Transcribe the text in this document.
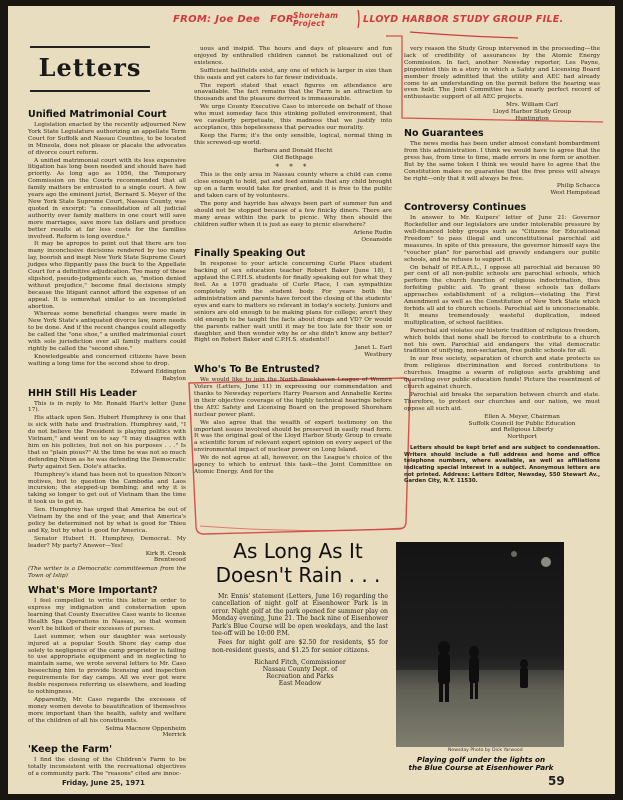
FROM: Joe Dee FOR:
Shoreham Project	LLOYD HARBOR STUDY GROUP FILE.
Letters
Unified Matrimonial Court

Legislation enacted by the recently adjourned New York State Legislature authorizing an appellate Term Court for Suffolk and Nassau Counties, to be located in Mineola, does not please or placate the advocates of divorce court reform.

A unified matrimonial court with its less expensive litigation has long been needed and should have had priority. As long ago as 1956, the Temporary Commission on the Courts recommended that all family matters be entrusted to a single court. A few years ago the eminent jurist, Bernard S. Meyer of the New York State Supreme Court, Nassau County, was quoted in excerpt: "a consolidation of all judicial authority over family matters in one court will save more marriages, save more tax dollars and produce better results at far less costs for the families involved. Reform is long overdue."

It may be apropos to point out that there are too many inconclusive decisions rendered by too many lay, boorish and inept New York State Supreme Court judges who flippantly pass the buck to the Appellate Court for a definitive adjudication. Too many of these slipshod, pseudo-judgments such as, "motion denied without prejudice," become final decisions simply because the litigant cannot afford the expense of an appeal. It is somewhat similar to an incompleted abortion.

Whereas some beneficial changes were made in New York State's antiquated divorce law, more needs to be done. And if the recent changes could allegedly be called the "one shoe," a unified matrimonial court with sole jurisdiction over all family matters could rightly be called the "second shoe."

Knowledgeable and concerned citizens have been waiting a long time for the second shoe to drop.

Edward Eddington
Babylon
HHH Still His Leader

This is in reply to Mr. Ronald Hart's letter (June 17).

His attack upon Sen. Hubert Humphrey is one that is sick with hate and frustration. Humphrey said, "I do not believe the President is playing politics with Vietnam," and went on to say "I may disagree with him on his policies, but not on his purposes . . ." Is that so "plain pious?" At the time he was not so much defending Nixon as he was defending the Democratic Party against Sen. Dole's attacks.

Humphrey's stand has been not to question Nixon's motives, but to question the Cambodia and Laos incursion; the stepped-up bombing; and why it is taking so longer to get out of Vietnam than the time it took us to get in.

Sen. Humphrey has urged that America be out of Vietnam by the end of the year, and that America's policy be determined not by what is good for Thieu and Ky, but by what is good for America.

Senator Hubert H. Humphrey, Democrat. My leader? My party? Answer—Yes!

Kirk R. Cronk
Brentwood
(The writer is a Democratic committeeman from the Town of Islip)
What's More Important?

I feel compelled to write this letter in order to express my indignation and consternation upon learning that County Executive Caso wants to license Health Spa Operations in Nassau, so that women won't be bilked of their excesses of purses.

Last summer, when our daughter was seriously injured at a popular South Shore day camp due solely to negligence of the camp proprietor in failing to use appropriate equipment and in neglecting to maintain same, we wrote several letters to Mr. Caso beseeching him to provide licensing and inspection requirements for day camps. All we ever got were feeble responses referring us elsewhere, and leading to nothingness.

Apparently, Mr. Caso regards the excesses of money women devote to beautification of themselves more important than the health, safety and welfare of the children of all his constituents.

Selma Macnow Oppenheim
Merrick
'Keep the Farm'

I find the closing of the Children's Farm to be totally inconsistent with the recreational objectives of a community park. The "reasons" cited are innoc-

uous and insipid. The hours and days of pleasure and fun enjoyed by enthralled children cannot be rationalized out of existence.

Sufficient ballfields exist, any one of which is larger in size than this oasis and yet caters to far fewer individuals.

The report stated that exact figures on attendance are unavailable. The fact remains that the Farm is an attraction to thousands and the pleasure derived is immeasurable.

We urge County Executive Caso to intercede on behalf of those who must someday face this stinking polluted environment, that we cavalierly perpetuate, this madness that we justify into acceptance, this hopelessness that pervades our morality.

Keep the Farm; it's the only sensible, logical, normal thing in this screwed-up world.

Barbara and Donald Hecht
Old Bethpage
* * *

This is the only area in Nassau county where a child can come close enough to hold, pat and feed animals that any child brought up on a farm would take for granted, and it is free to the public and taken care of by volunteers.

The pony and hayride has always been part of summer fun and should not be stopped because of a few finicky diners. There are many areas within the park to picnic. Why then should the children suffer when it is just as easy to picnic elsewhere?

Arlene Rudin
Oceanside
Finally Speaking Out

In response to your article concerning Curle Place student backing of sex education teacher Robert Baker (June 18), I applaud the C.P.H.S. students for finally speaking out for what they feel. As a 1970 graduate of Curle Place, I can sympathize completely with the student body. For years both the administration and parents have forced the closing of the students' eyes and ears to matters so relevant in today's society. Juniors and seniors are old enough to be making plans for college; aren't they old enough to be taught the facts about drugs and VD? Or would the parents rather wait until it may be too late for their son or daughter, and then wonder why he or she didn't know any better? Right on Robert Baker and C.P.H.S. students!!

Janet L. Earl
Westbury
Who's To Be Entrusted?

We would like to join the North Brookhaven League of Women Voters (Letters, June 11) in expressing our commendation and thanks to Newsday reporters Harry Pearson and Annabelle Kerins in their objective coverage of the highly technical hearings before the AEC Safety and Licensing Board on the proposed Shoreham nuclear power plant.

We also agree that the wealth of expert testimony on the important issues involved should be preserved in easily read form. It was the original goal of the Lloyd Harbor Study Group to create a scientific forum of relevant expert opinion on every aspect of the environmental impact of nuclear power on Long Island.

We do not agree at all, however, on the League's choice of the agency to which to entrust this task—the Joint Committee on Atomic Energy. And for the

very reason the Study Group intervened in the proceeding—the lack of credibility of assurances by the Atomic Energy Commission. In fact, another Newsday reporter, Les Payne, pinpointed this in a story in which a Safety and Licensing Board member freely admitted that the utility and AEC had already come to an understanding on the permit before the hearing was even held. The Joint Committee has a nearly perfect record of enthusiastic support of all AEC projects.

Mrs. William Carl
Lloyd Harbor Study Group
Huntington
No Guarantees

The news media has been under almost constant bombardment from this administration. I think we would have to agree that the press has, from time to time, made errors in one form or another. But by the same token I think we would have to agree that the Constitution makes no guarantee that the free press will always be right—only that it will always be free.

Philip Schacca
West Hempstead
Controversy Continues

In answer to Mr. Kuipers' letter of June 21: Governor Rockefeller and our legislators are under intolerable pressure by well-financed lobby groups such as "Citizens for Educational Freedom" to pass illegal and unconstitutional parochial aid measures. In spite of this pressure, the governor himself says the "voucher plan" for parochial aid gravely endangers our public schools, and he refuses to support it.

On behalf of P.E.A.R.L., I oppose all parochial aid because 90 per cent of all non-public schools are parochial schools, which perform the church function of religious indoctrination, thus forfeiting public aid. To grant these schools tax dollars approaches establishment of a religion—violating the First Amendment as well as the Constitution of New York State which forbids all aid to church schools. Parochial aid is unconscionable. It means tremendously wasteful duplication, indeed multiplication, of school facilities.

Parochial aid violates our historic tradition of religious freedom, which holds that none shall be forced to contribute to a church not his own. Parochial aid endangers the vital democratic tradition of unifying, non-sectarian, free public schools for all.

In our free society, separation of church and state protects us from religious discrimination and forced contributions to churches. Imagine a swarm of religious sects grabbing and quarreling over public education funds! Picture the resentment of church against church.

Parochial aid breaks the separation between church and state. Therefore, to protect our churches and our nation, we must oppose all such aid.

Ellen A. Meyer, Chairman
Suffolk Council for Public Education
and Religious Liberty
Northport

Letters should be kept brief and are subject to condensation. Writers should include a full address and home and office telephone numbers, where available, as well as affiliations indicating special interest in a subject. Anonymous letters are not printed. Address: Letters Editor, Newsday, 550 Stewart Av., Garden City, N.Y. 11530.

As Long As It
Doesn't Rain . . .

Mr. Ennis' statement (Letters, June 16) regarding the cancellation of night golf at Eisenhower Park is in error. Night golf at the park opened for summer play on Monday evening, June 21. The back nine of Eisenhower Park's Blue Course will be open weekdays, and the last tee-off will be 10:00 P.M.

Fees for night golf are $2.50 for residents, $5 for non-resident guests, and $1.25 for senior citizens.

Richard Fitch, Commissioner
Nassau County Dept. of
Recreation and Parks
East Meadow
Newsday Photo by Dick Yarwood
Playing golf under the lights on
the Blue Course at Eisenhower Park
Friday, June 25, 1971	59
